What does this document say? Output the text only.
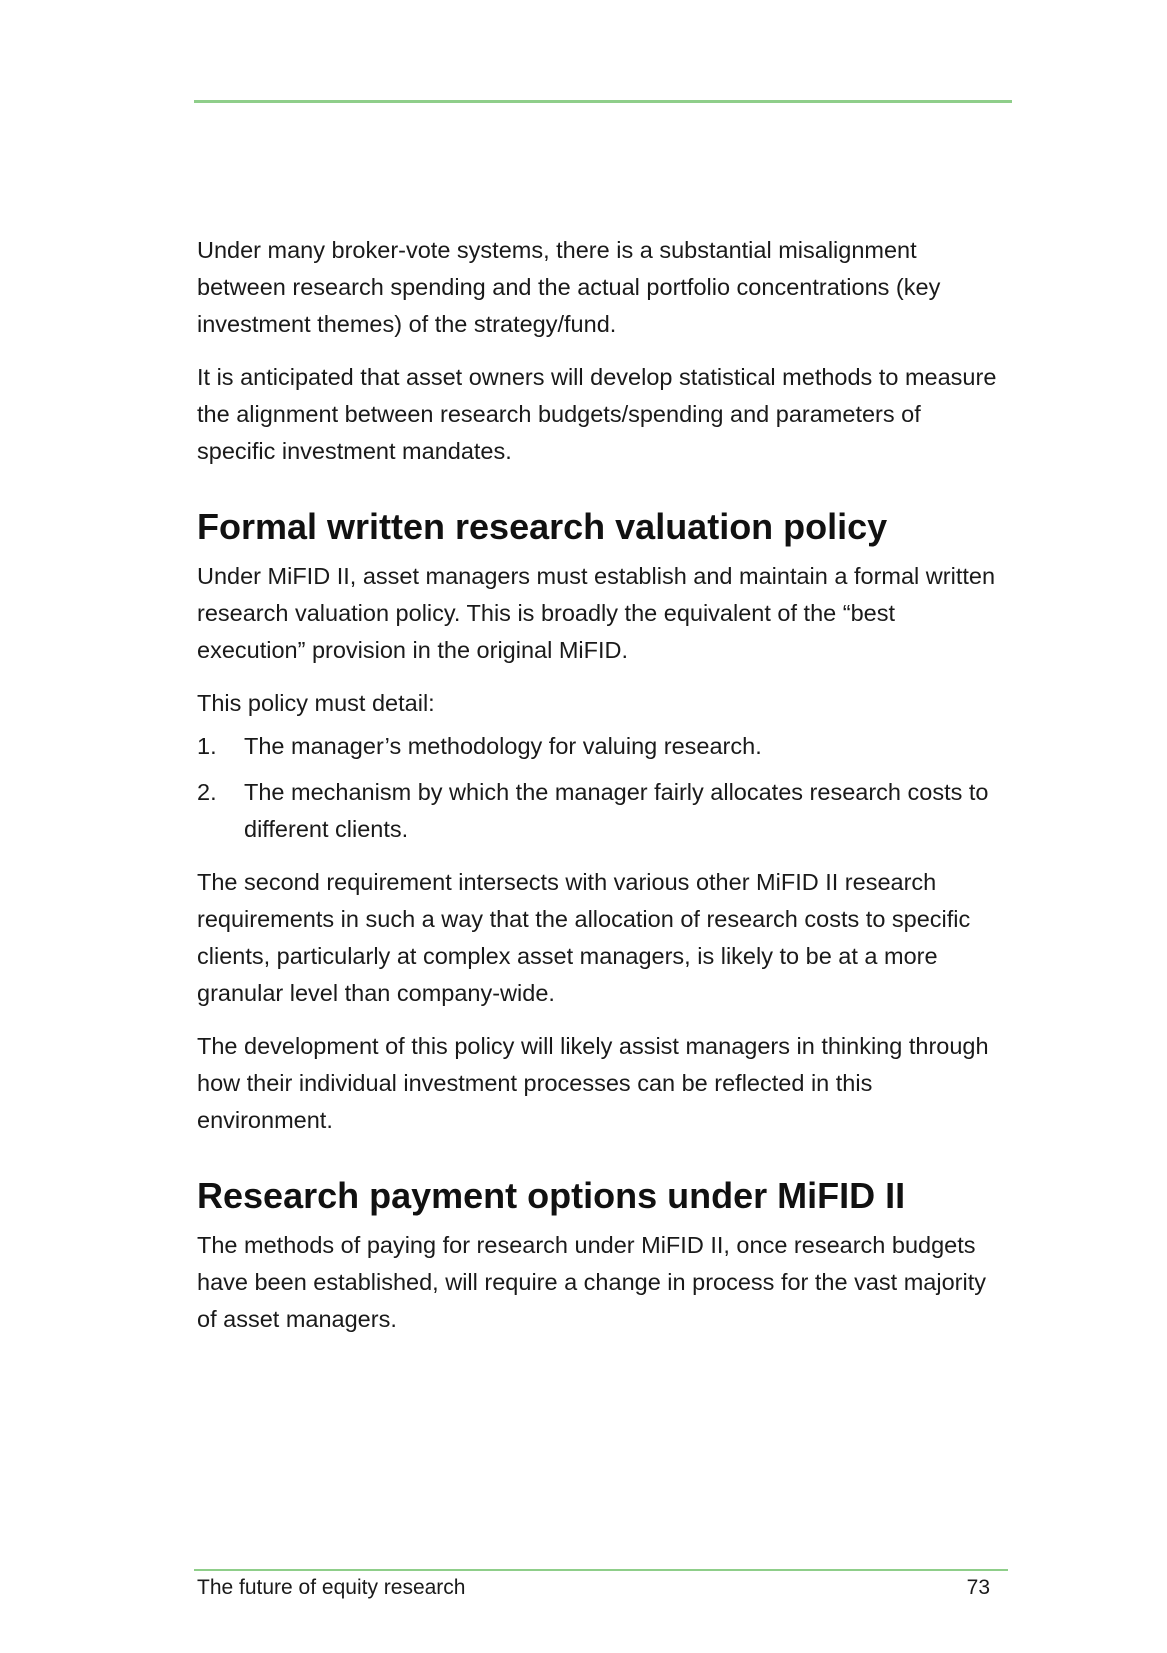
Under many broker-vote systems, there is a substantial misalignment between research spending and the actual portfolio concentrations (key investment themes) of the strategy/fund.

It is anticipated that asset owners will develop statistical methods to measure the alignment between research budgets/spending and parameters of specific investment mandates.

Formal written research valuation policy

Under MiFID II, asset managers must establish and maintain a formal written research valuation policy. This is broadly the equivalent of the “best execution” provision in the original MiFID.

This policy must detail:

1. The manager’s methodology for valuing research.
2. The mechanism by which the manager fairly allocates research costs to different clients.

The second requirement intersects with various other MiFID II research requirements in such a way that the allocation of research costs to specific clients, particularly at complex asset managers, is likely to be at a more granular level than company-wide.

The development of this policy will likely assist managers in thinking through how their individual investment processes can be reflected in this environment.

Research payment options under MiFID II

The methods of paying for research under MiFID II, once research budgets have been established, will require a change in process for the vast majority of asset managers.

The future of equity research	73
